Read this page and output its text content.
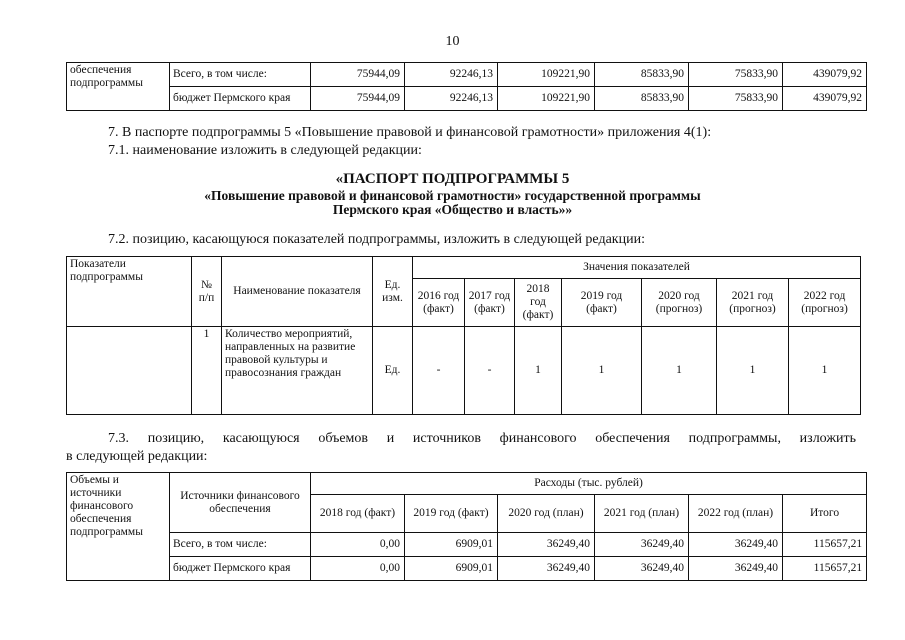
10
обеспечения подпрограммы	Всего, в том числе:	75944,09	92246,13	109221,90	85833,90	75833,90	439079,92
	бюджет Пермского края	75944,09	92246,13	109221,90	85833,90	75833,90	439079,92
7. В паспорте подпрограммы 5 «Повышение правовой и финансовой грамотности» приложения 4(1):
7.1. наименование изложить в следующей редакции:
«ПАСПОРТ ПОДПРОГРАММЫ 5
«Повышение правовой и финансовой грамотности» государственной программы
Пермского края «Общество и власть»»
7.2. позицию, касающуюся показателей подпрограммы, изложить в следующей редакции:
Показатели подпрограммы	№ п/п	Наименование показателя	Ед. изм.	Значения показателей						
				2016 год (факт)	2017 год (факт)	2018 год (факт)	2019 год (факт)	2020 год (прогноз)	2021 год (прогноз)	2022 год (прогноз)
	1	Количество мероприятий, направленных на развитие правовой культуры и правосознания граждан	Ед.	-	-	1	1	1	1	1
7.3. позицию, касающуюся объемов и источников финансового обеспечения подпрограммы, изложить
в следующей редакции:
Объемы и источники финансового обеспечения подпрограммы	Источники финансового обеспечения	Расходы (тыс. рублей)					
		2018 год (факт)	2019 год (факт)	2020 год (план)	2021 год (план)	2022 год (план)	Итого
	Всего, в том числе:	0,00	6909,01	36249,40	36249,40	36249,40	115657,21
	бюджет Пермского края	0,00	6909,01	36249,40	36249,40	36249,40	115657,21
